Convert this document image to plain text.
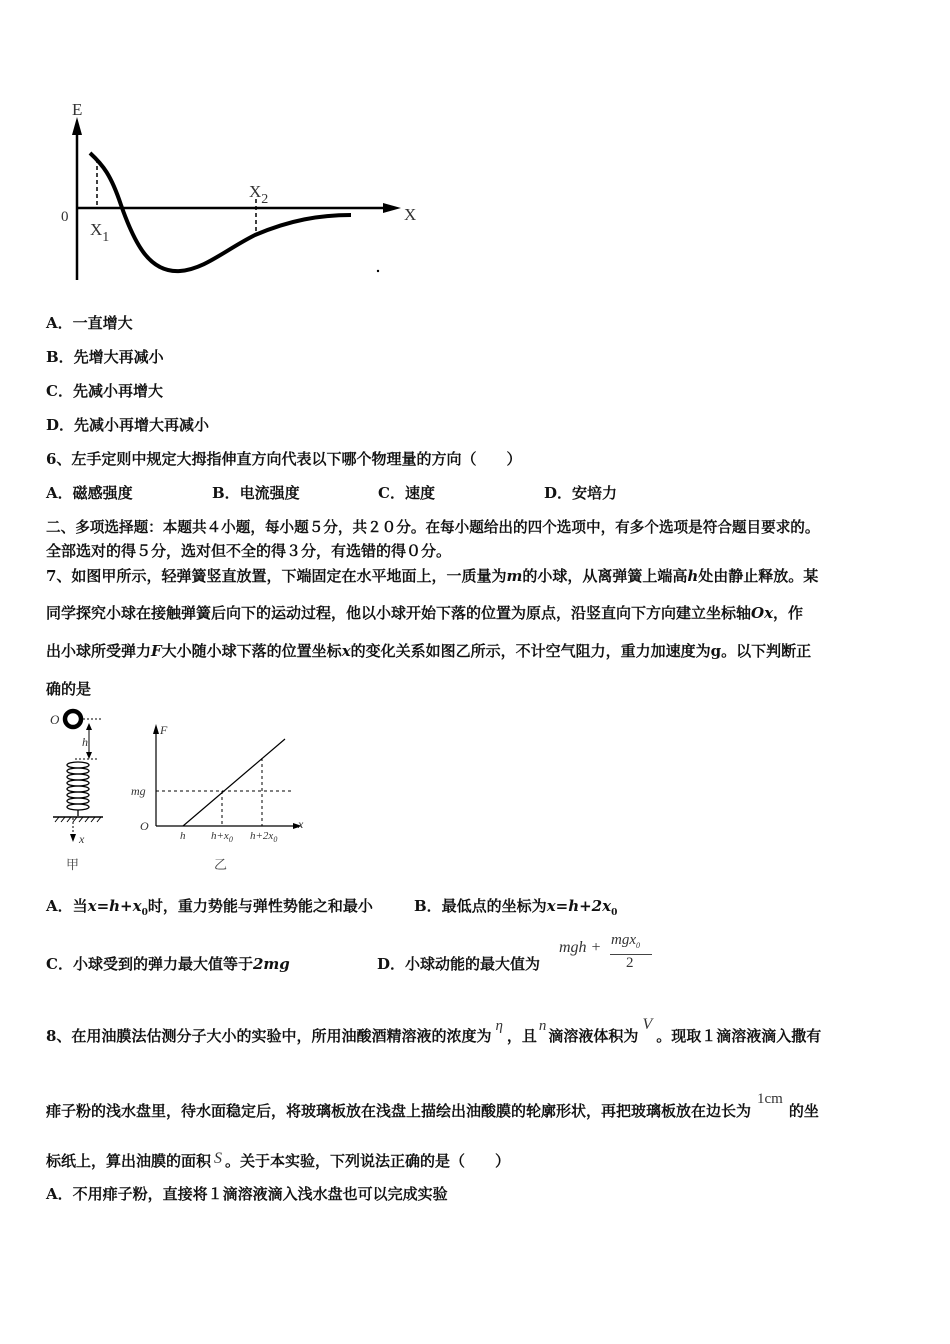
E
X
0
$X_1$
$X_2$
A．一直增大
B．先增大再减小
C．先减小再增大
D．先减小再增大再减小
6、左手定则中规定大拇指伸直方向代表以下哪个物理量的方向（　　）
A．磁感强度	B．电流强度	C．速度	D．安培力
二、多项选择题：本题共４小题，每小题５分，共２０分。在每小题给出的四个选项中，有多个选项是符合题目要求的。
全部选对的得５分，选对但不全的得３分，有选错的得０分。
7、如图甲所示，轻弹簧竖直放置，下端固定在水平地面上，一质量为m的小球，从离弹簧上端高h处由静止释放。某
同学探究小球在接触弹簧后向下的运动过程，他以小球开始下落的位置为原点，沿竖直向下方向建立坐标轴Ox，作
出小球所受弹力F大小随小球下落的位置坐标x的变化关系如图乙所示，不计空气阻力，重力加速度为g。以下判断正
确的是
O
h
x
甲
F
x
O
mg
h $h+x_0$ $h+2x_0$
乙
A．当$x=h+x_0$时，重力势能与弹性势能之和最小	B．最低点的坐标为$x=h+2x_0$
C．小球受到的弹力最大值等于2mg	D．小球动能的最大值为
mgh + mgx$_0$
2
8、在用油膜法估测分子大小的实验中，所用油酸酒精溶液的浓度为η，且n滴溶液体积为V。现取１滴溶液滴入撒有
痱子粉的浅水盘里，待水面稳定后，将玻璃板放在浅盘上描绘出油酸膜的轮廓形状，再把玻璃板放在边长为1cm的坐
标纸上，算出油膜的面积 S 。关于本实验，下列说法正确的是（　　）
A．不用痱子粉，直接将１滴溶液滴入浅水盘也可以完成实验
